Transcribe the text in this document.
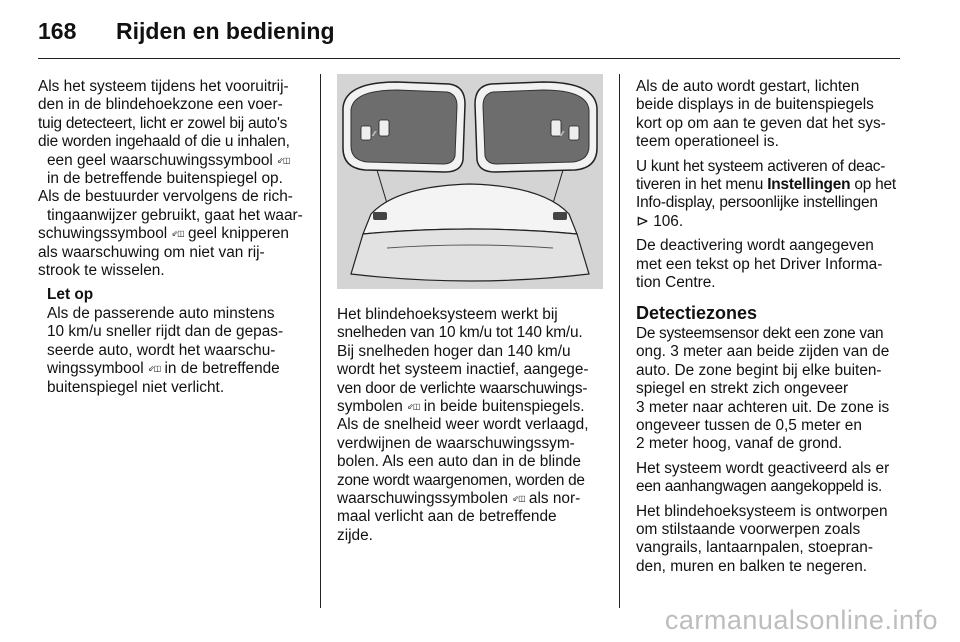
168 Rijden en bediening

Als het systeem tijdens het vooruitrij-
den in de blindehoekzone een voer-
tuig detecteert, licht er zowel bij auto's
die worden ingehaald of die u inhalen,
een geel waarschuwingssymbool ⇙◫
in de betreffende buitenspiegel op.
Als de bestuurder vervolgens de rich-
tingaanwijzer gebruikt, gaat het waar-
schuwingssymbool ⇙◫ geel knipperen
als waarschuwing om niet van rij-
strook te wisselen.

Let op
Als de passerende auto minstens
10 km/u sneller rijdt dan de gepas-
seerde auto, wordt het waarschu-
wingssymbool ⇙◫ in de betreffende
buitenspiegel niet verlicht.
⁄⁄	⁄⁄

Het blindehoeksysteem werkt bij
snelheden van 10 km/u tot 140 km/u.
Bij snelheden hoger dan 140 km/u
wordt het systeem inactief, aangege-
ven door de verlichte waarschuwings-
symbolen ⇙◫ in beide buitenspiegels.
Als de snelheid weer wordt verlaagd,
verdwijnen de waarschuwingssym-
bolen. Als een auto dan in de blinde
zone wordt waargenomen, worden de
waarschuwingssymbolen ⇙◫ als nor-
maal verlicht aan de betreffende
zijde.

Als de auto wordt gestart, lichten
beide displays in de buitenspiegels
kort op om aan te geven dat het sys-
teem operationeel is.

U kunt het systeem activeren of deac-
tiveren in het menu Instellingen op het
Info-display, persoonlijke instellingen
⊳ 106.

De deactivering wordt aangegeven
met een tekst op het Driver Informa-
tion Centre.

Detectiezones

De systeemsensor dekt een zone van
ong. 3 meter aan beide zijden van de
auto. De zone begint bij elke buiten-
spiegel en strekt zich ongeveer
3 meter naar achteren uit. De zone is
ongeveer tussen de 0,5 meter en
2 meter hoog, vanaf de grond.

Het systeem wordt geactiveerd als er
een aanhangwagen aangekoppeld is.

Het blindehoeksysteem is ontworpen
om stilstaande voorwerpen zoals
vangrails, lantaarnpalen, stoepran-
den, muren en balken te negeren.

carmanualsonline.info
